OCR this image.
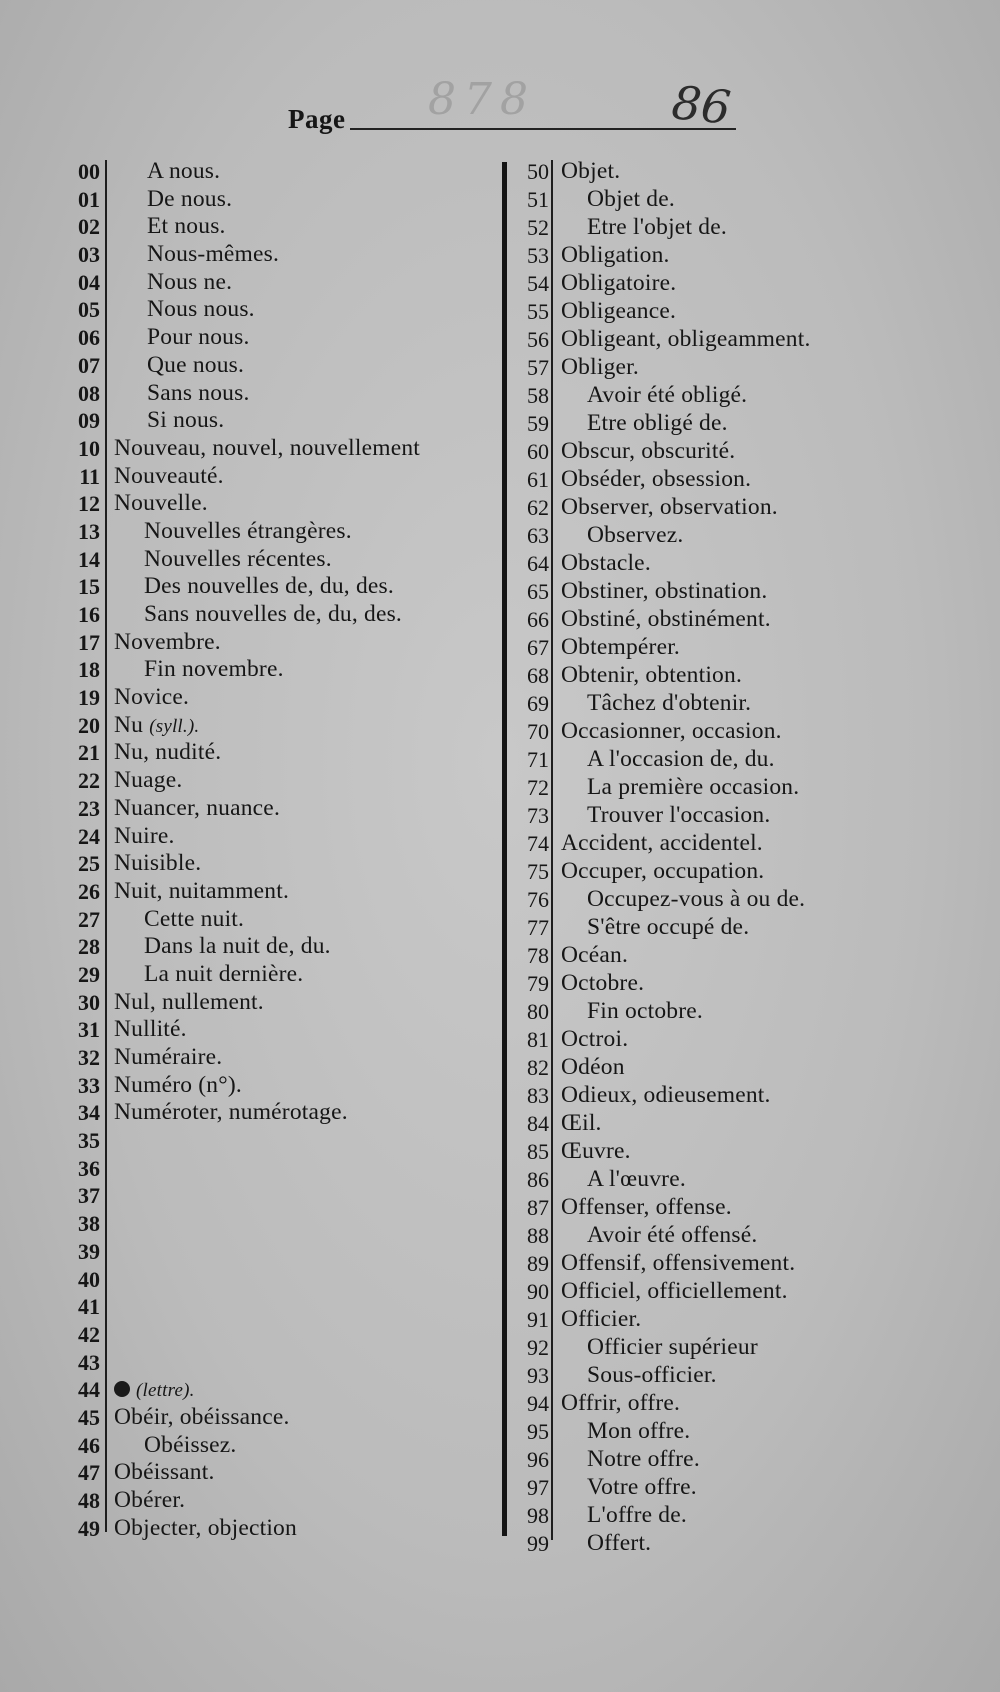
Page 878	86
00 A nous.
01 De nous.
02 Et nous.
03 Nous-mêmes.
04 Nous ne.
05 Nous nous.
06 Pour nous.
07 Que nous.
08 Sans nous.
09 Si nous.
10 Nouveau, nouvel, nouvellement
11 Nouveauté.
12 Nouvelle.
13 Nouvelles étrangères.
14 Nouvelles récentes.
15 Des nouvelles de, du, des.
16 Sans nouvelles de, du, des.
17 Novembre.
18 Fin novembre.
19 Novice.
20 Nu (syll.).
21 Nu, nudité.
22 Nuage.
23 Nuancer, nuance.
24 Nuire.
25 Nuisible.
26 Nuit, nuitamment.
27 Cette nuit.
28 Dans la nuit de, du.
29 La nuit dernière.
30 Nul, nullement.
31 Nullité.
32 Numéraire.
33 Numéro (n°).
34 Numéroter, numérotage.
35
36
37
38
39
40
41
42
43
44	(lettre).
45 Obéir, obéissance.
46 Obéissez.
47 Obéissant.
48 Obérer.
49 Objecter, objection
50 Objet.
51 Objet de.
52 Etre l'objet de.
53 Obligation.
54 Obligatoire.
55 Obligeance.
56 Obligeant, obligeamment.
57 Obliger.
58 Avoir été obligé.
59 Etre obligé de.
60 Obscur, obscurité.
61 Obséder, obsession.
62 Observer, observation.
63 Observez.
64 Obstacle.
65 Obstiner, obstination.
66 Obstiné, obstinément.
67 Obtempérer.
68 Obtenir, obtention.
69 Tâchez d'obtenir.
70 Occasionner, occasion.
71 A l'occasion de, du.
72 La première occasion.
73 Trouver l'occasion.
74 Accident, accidentel.
75 Occuper, occupation.
76 Occupez-vous à ou de.
77 S'être occupé de.
78 Océan.
79 Octobre.
80 Fin octobre.
81 Octroi.
82 Odéon
83 Odieux, odieusement.
84 Œil.
85 Œuvre.
86 A l'œuvre.
87 Offenser, offense.
88 Avoir été offensé.
89 Offensif, offensivement.
90 Officiel, officiellement.
91 Officier.
92 Officier supérieur
93 Sous-officier.
94 Offrir, offre.
95 Mon offre.
96 Notre offre.
97 Votre offre.
98 L'offre de.
99 Offert.
